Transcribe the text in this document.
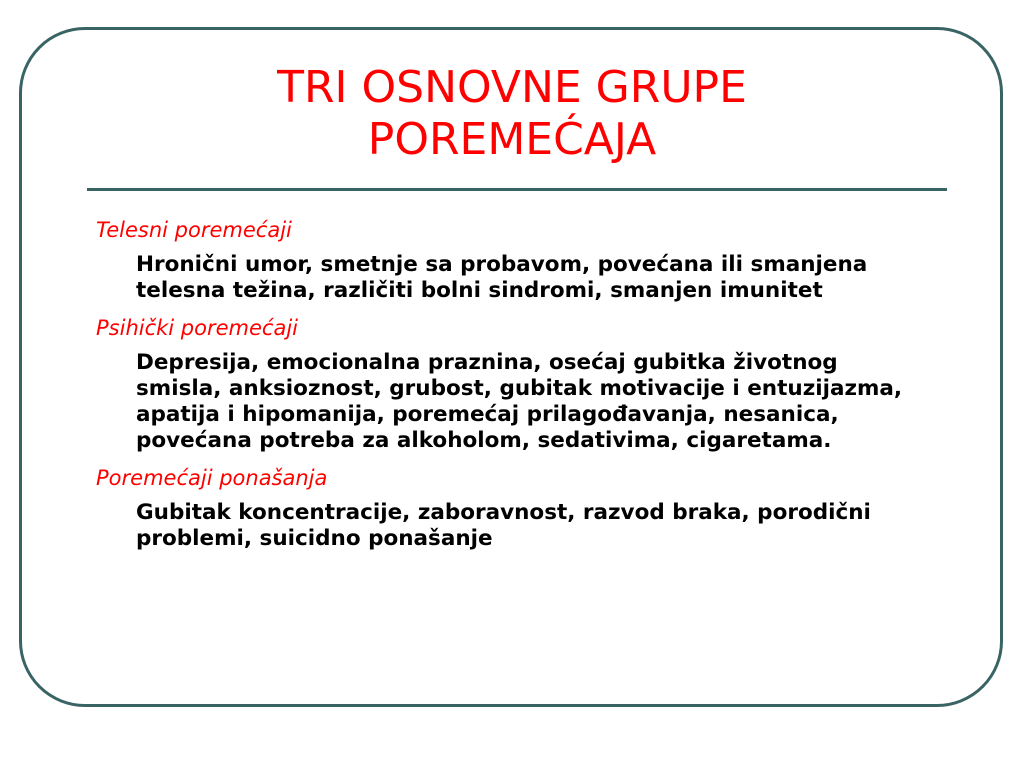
TRI OSNOVNE GRUPE
POREMEĆAJA

Telesni poremećaji

Hronični umor, smetnje sa probavom, povećana ili smanjena telesna težina, različiti bolni sindromi, smanjen imunitet

Psihički poremećaji

Depresija, emocionalna praznina, osećaj gubitka životnog smisla, anksioznost, grubost, gubitak motivacije i entuzijazma, apatija i hipomanija, poremećaj prilagođavanja, nesanica, povećana potreba za alkoholom, sedativima, cigaretama.

Poremećaji ponašanja

Gubitak koncentracije, zaboravnost, razvod braka, porodični problemi, suicidno ponašanje
